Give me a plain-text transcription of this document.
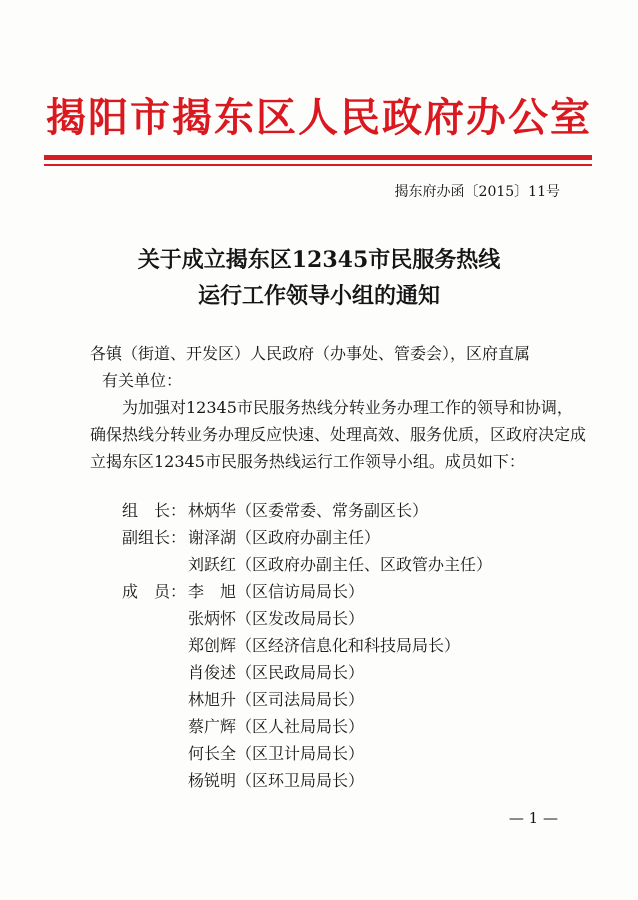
揭阳市揭东区人民政府办公室
揭东府办函〔2015〕11号
关于成立揭东区12345市民服务热线
运行工作领导小组的通知

各镇（街道、开发区）人民政府（办事处、管委会），区府直属

有关单位：

为加强对12345市民服务热线分转业务办理工作的领导和协调，确保热线分转业务办理反应快速、处理高效、服务优质，区政府决定成立揭东区12345市民服务热线运行工作领导小组。成员如下：

组　长： 林炳华（区委常委、常务副区长）
副组长： 谢泽湖（区政府办副主任）
刘跃红（区政府办副主任、区政管办主任）
成　员： 李　旭（区信访局局长）
张炳怀（区发改局局长）
郑创辉（区经济信息化和科技局局长）
肖俊述（区民政局局长）
林旭升（区司法局局长）
蔡广辉（区人社局局长）
何长全（区卫计局局长）
杨锐明（区环卫局局长）
— 1 —
